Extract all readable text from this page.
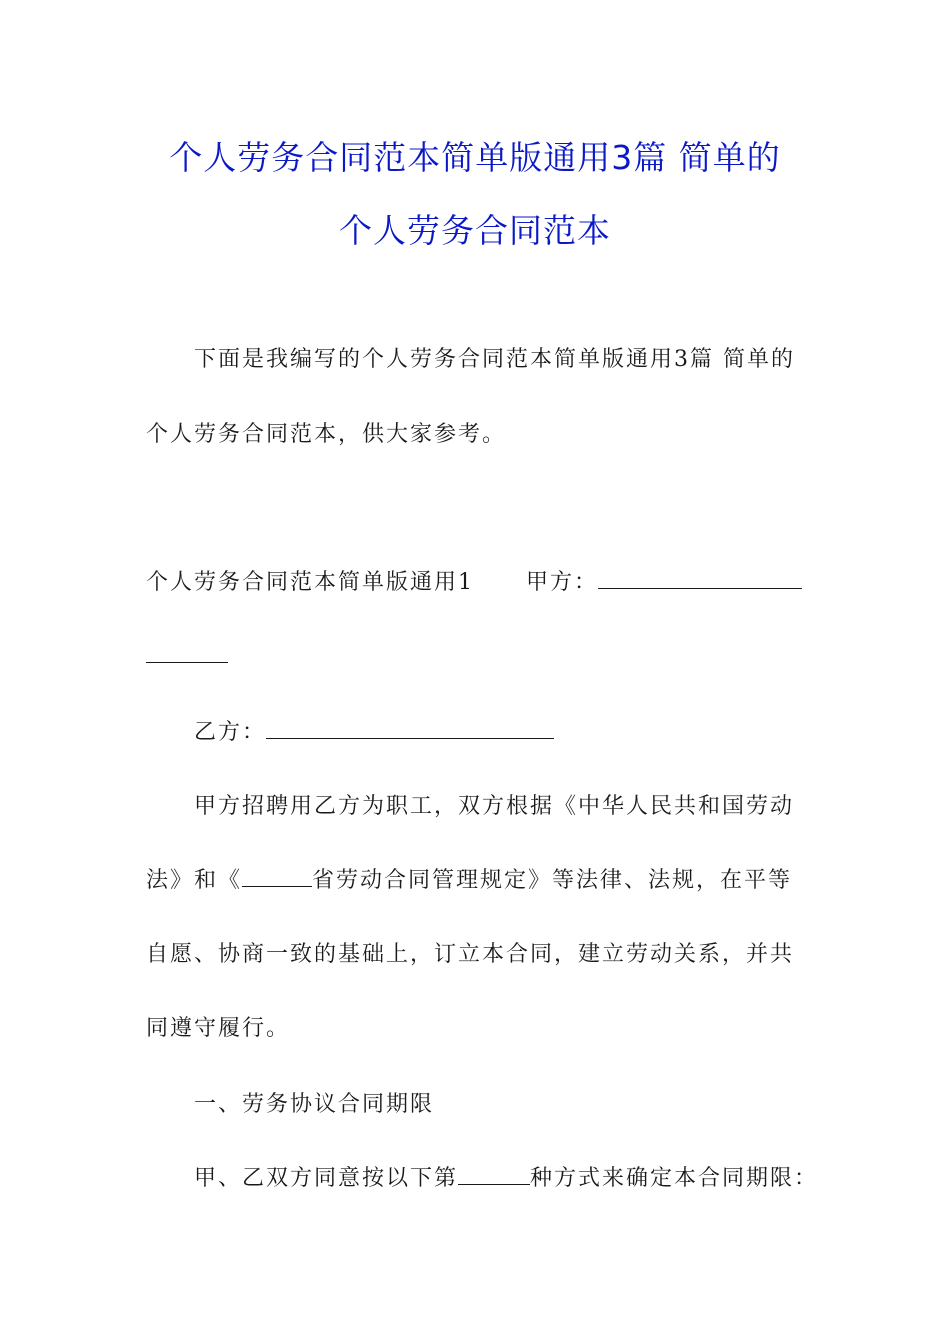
个人劳务合同范本简单版通用3篇 简单的
个人劳务合同范本
下面是我编写的个人劳务合同范本简单版通用3篇 简单的
个人劳务合同范本，供大家参考。
个人劳务合同范本简单版通用1 甲方：
乙方：
甲方招聘用乙方为职工，双方根据《中华人民共和国劳动
法》和《	省劳动合同管理规定》等法律、法规，在平等
自愿、协商一致的基础上，订立本合同，建立劳动关系，并共
同遵守履行。
一、劳务协议合同期限
甲、乙双方同意按以下第	种方式来确定本合同期限：
